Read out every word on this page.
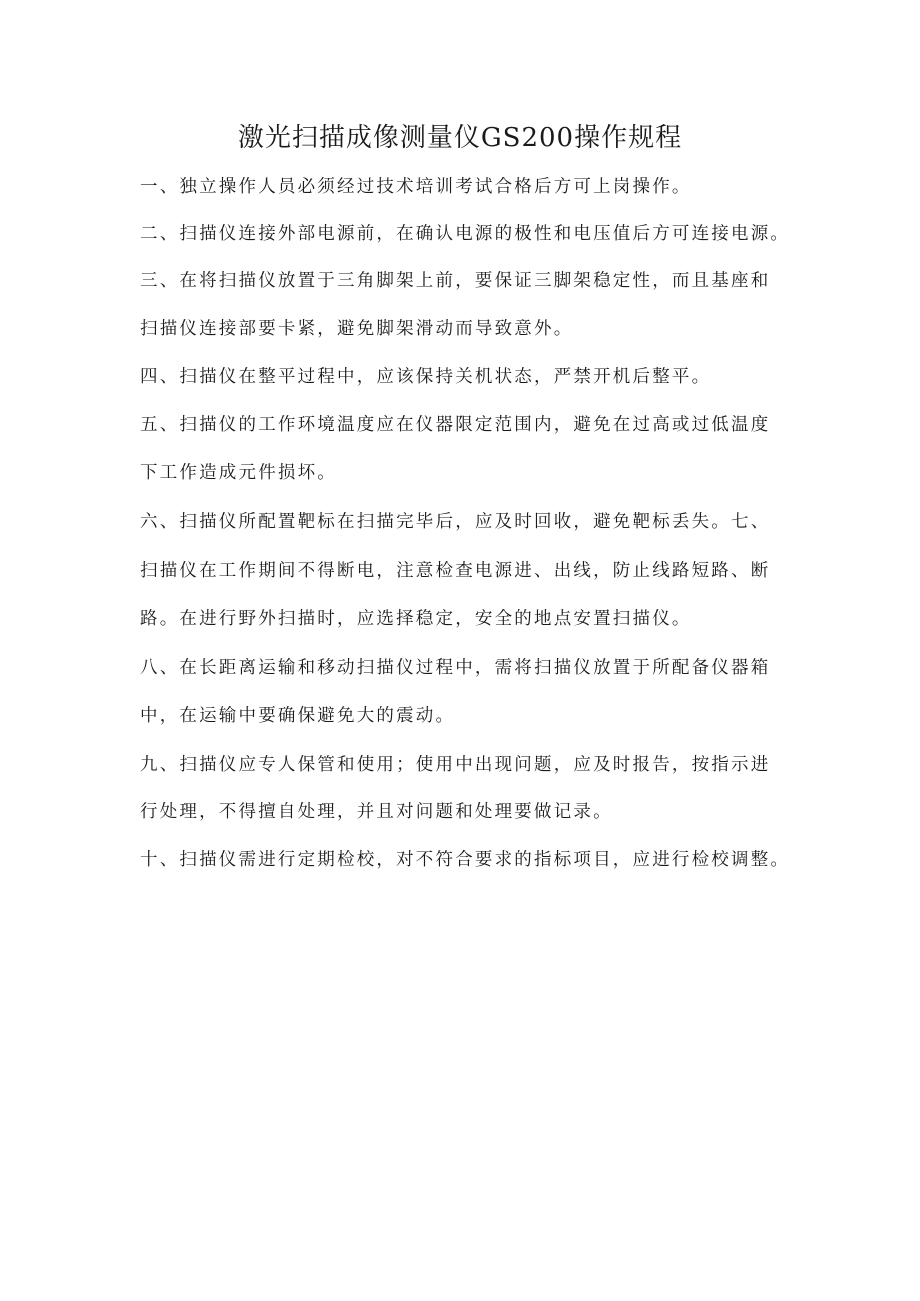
激光扫描成像测量仪GS200操作规程
一、独立操作人员必须经过技术培训考试合格后方可上岗操作。
二、扫描仪连接外部电源前，在确认电源的极性和电压值后方可连接电源。
三、在将扫描仪放置于三角脚架上前，要保证三脚架稳定性，而且基座和
扫描仪连接部要卡紧，避免脚架滑动而导致意外。
四、扫描仪在整平过程中，应该保持关机状态，严禁开机后整平。
五、扫描仪的工作环境温度应在仪器限定范围内，避免在过高或过低温度
下工作造成元件损坏。
六、扫描仪所配置靶标在扫描完毕后，应及时回收，避免靶标丢失。七、
扫描仪在工作期间不得断电，注意检查电源进、出线，防止线路短路、断
路。在进行野外扫描时，应选择稳定，安全的地点安置扫描仪。
八、在长距离运输和移动扫描仪过程中，需将扫描仪放置于所配备仪器箱
中，在运输中要确保避免大的震动。
九、扫描仪应专人保管和使用；使用中出现问题，应及时报告，按指示进
行处理，不得擅自处理，并且对问题和处理要做记录。
十、扫描仪需进行定期检校，对不符合要求的指标项目，应进行检校调整。
